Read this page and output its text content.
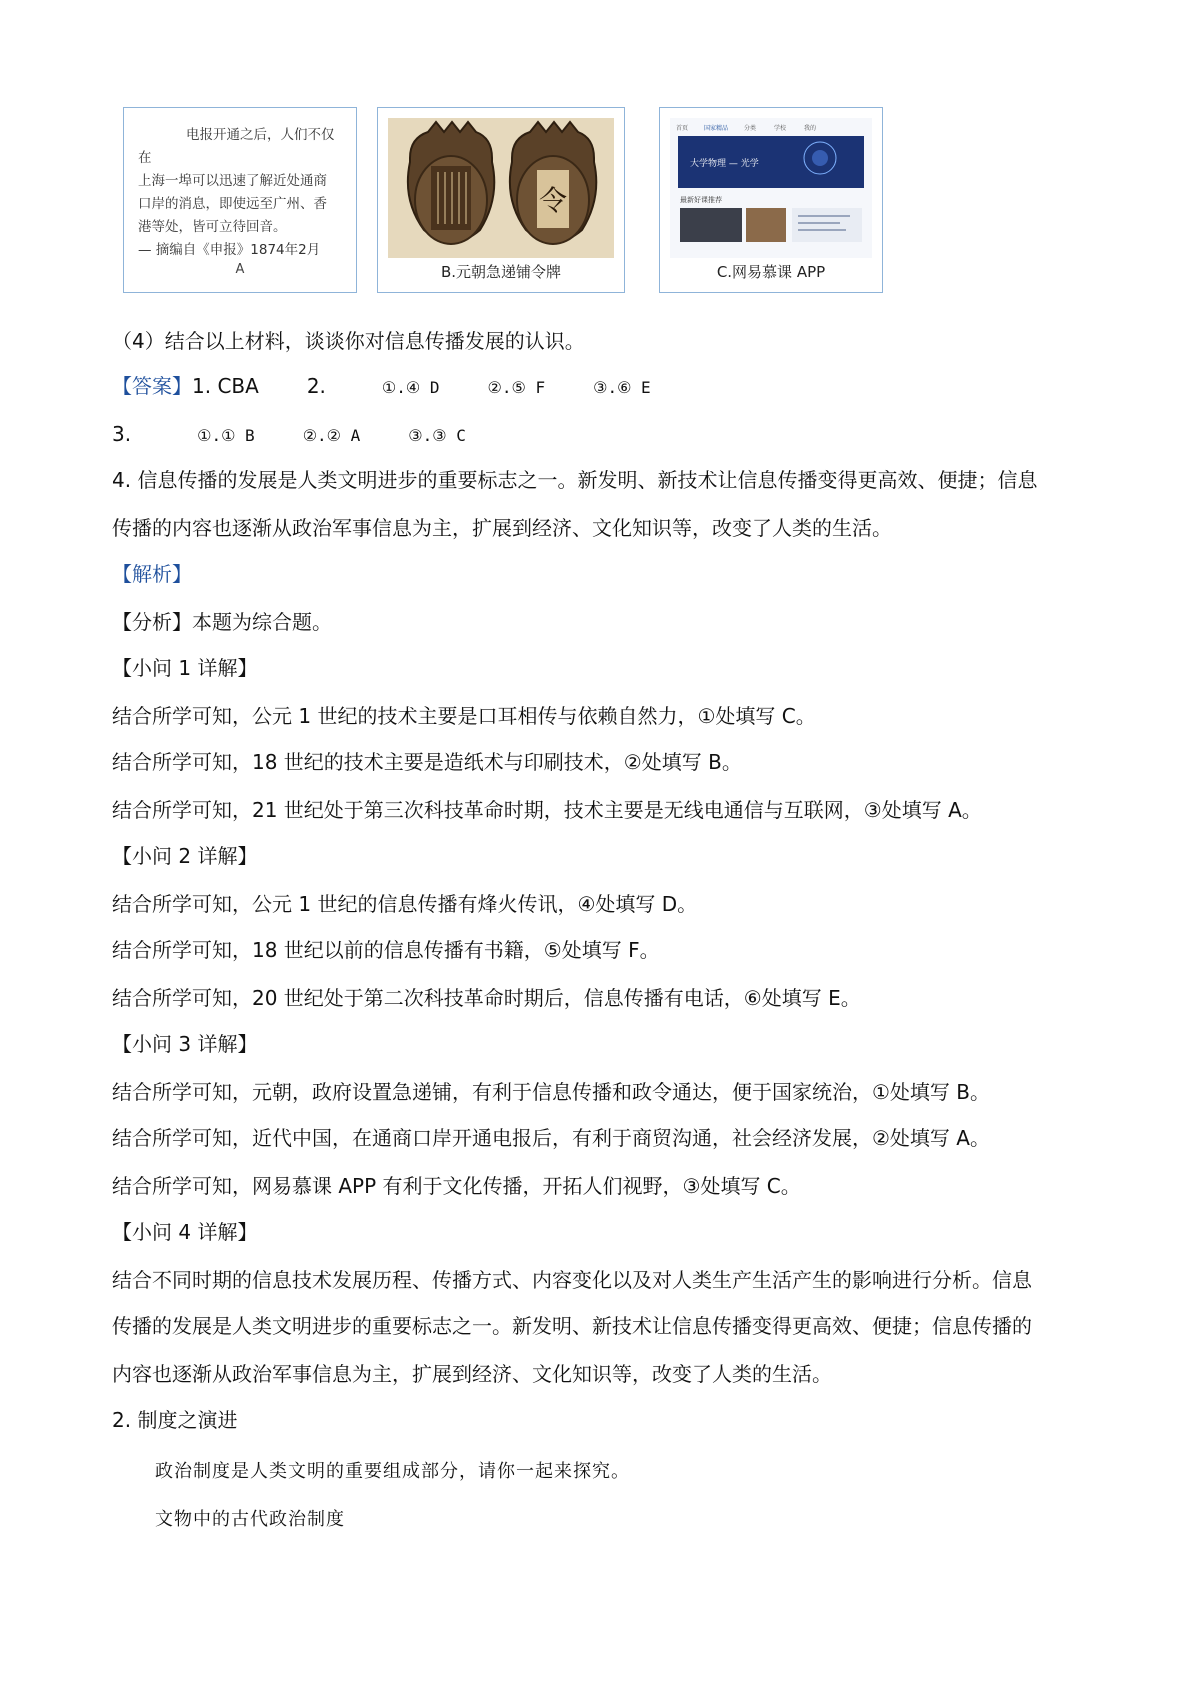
电报开通之后，人们不仅在
上海一埠可以迅速了解近处通商
口岸的消息，即使远至广州、香
港等处，皆可立待回音。
— 摘编自《申报》1874年2月
A
令
B.元朝急递铺令牌
首页	国家精品	分类	学校	我的
大学物理 — 光学
最新好课推荐
C.网易慕课 APP
（4）结合以上材料，谈谈你对信息传播发展的认识。
【答案】1. CBA 2.	①.④ D	②.⑤ F	③.⑥ E
3.	①.① B	②.② A	③.③ C
4. 信息传播的发展是人类文明进步的重要标志之一。新发明、新技术让信息传播变得更高效、便捷；信息
传播的内容也逐渐从政治军事信息为主，扩展到经济、文化知识等，改变了人类的生活。
【解析】
【分析】本题为综合题。
【小问 1 详解】
结合所学可知，公元 1 世纪的技术主要是口耳相传与依赖自然力，①处填写 C。
结合所学可知，18 世纪的技术主要是造纸术与印刷技术，②处填写 B。
结合所学可知，21 世纪处于第三次科技革命时期，技术主要是无线电通信与互联网，③处填写 A。
【小问 2 详解】
结合所学可知，公元 1 世纪的信息传播有烽火传讯，④处填写 D。
结合所学可知，18 世纪以前的信息传播有书籍，⑤处填写 F。
结合所学可知，20 世纪处于第二次科技革命时期后，信息传播有电话，⑥处填写 E。
【小问 3 详解】
结合所学可知，元朝，政府设置急递铺，有利于信息传播和政令通达，便于国家统治，①处填写 B。
结合所学可知，近代中国，在通商口岸开通电报后，有利于商贸沟通，社会经济发展，②处填写 A。
结合所学可知，网易慕课 APP 有利于文化传播，开拓人们视野，③处填写 C。
【小问 4 详解】
结合不同时期的信息技术发展历程、传播方式、内容变化以及对人类生产生活产生的影响进行分析。信息
传播的发展是人类文明进步的重要标志之一。新发明、新技术让信息传播变得更高效、便捷；信息传播的
内容也逐渐从政治军事信息为主，扩展到经济、文化知识等，改变了人类的生活。
2. 制度之演进
政治制度是人类文明的重要组成部分，请你一起来探究。
文物中的古代政治制度
